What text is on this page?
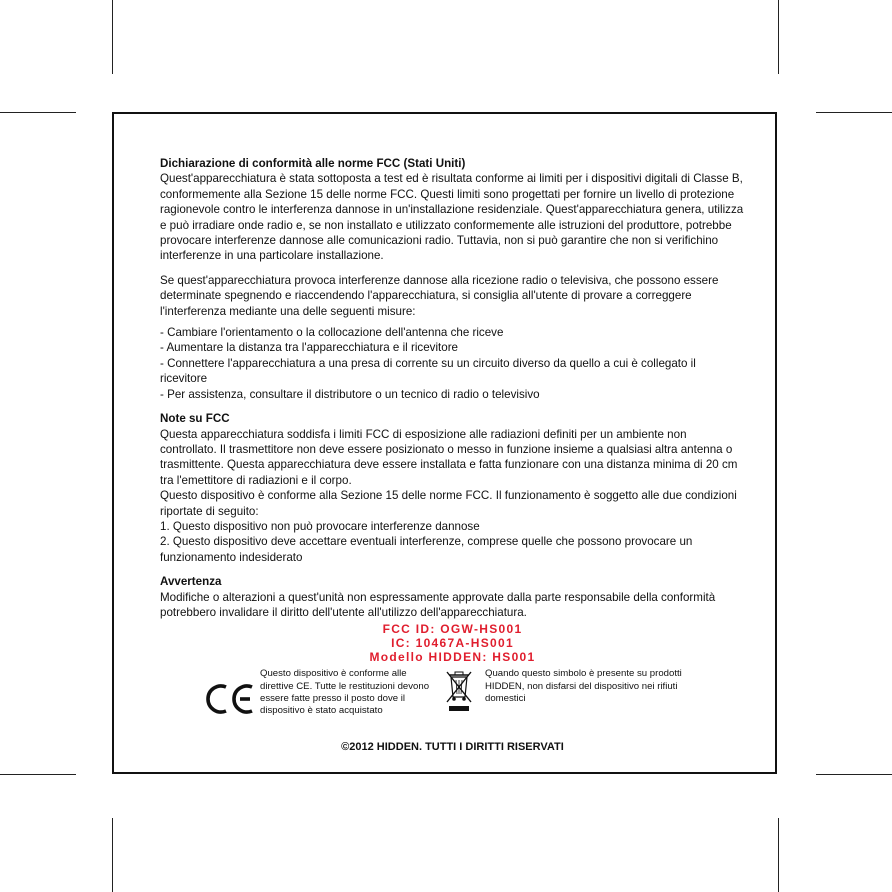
Dichiarazione di conformità alle norme FCC (Stati Uniti)

Quest'apparecchiatura è stata sottoposta a test ed è risultata conforme ai limiti per i dispositivi digitali di Classe B, conformemente alla Sezione 15 delle norme FCC. Questi limiti sono progettati per fornire un livello di protezione ragionevole contro le interferenza dannose in un'installazione residenziale. Quest'apparecchiatura genera, utilizza e può irradiare onde radio e, se non installato e utilizzato conformemente alle istruzioni del produttore, potrebbe provocare interferenze dannose alle comunicazioni radio. Tuttavia, non si può garantire che non si verifichino interferenze in una particolare installazione.

Se quest'apparecchiatura provoca interferenze dannose alla ricezione radio o televisiva, che possono essere determinate spegnendo e riaccendendo l'apparecchiatura, si consiglia all'utente di provare a correggere l'interferenza mediante una delle seguenti misure:

- Cambiare l'orientamento o la collocazione dell'antenna che riceve

- Aumentare la distanza tra l'apparecchiatura e il ricevitore

- Connettere l'apparecchiatura a una presa di corrente su un circuito diverso da quello a cui è collegato il ricevitore

- Per assistenza, consultare il distributore o un tecnico di radio o televisivo

Note su FCC

Questa apparecchiatura soddisfa i limiti FCC di esposizione alle radiazioni definiti per un ambiente non controllato. Il trasmettitore non deve essere posizionato o messo in funzione insieme a qualsiasi altra antenna o trasmittente. Questa apparecchiatura deve essere installata e fatta funzionare con una distanza minima di 20 cm tra l'emettitore di radiazioni e il corpo.

Questo dispositivo è conforme alla Sezione 15 delle norme FCC. Il funzionamento è soggetto alle due condizioni riportate di seguito:

1. Questo dispositivo non può provocare interferenze dannose

2. Questo dispositivo deve accettare eventuali interferenze, comprese quelle che possono provocare un funzionamento indesiderato

Avvertenza

Modifiche o alterazioni a quest'unità non espressamente approvate dalla parte responsabile della conformità potrebbero invalidare il diritto dell'utente all'utilizzo dell'apparecchiatura.

FCC ID: OGW-HS001
IC: 10467A-HS001
Modello HIDDEN: HS001
Questo dispositivo è conforme alle direttive CE. Tutte le restituzioni devono essere fatte presso il posto dove il dispositivo è stato acquistato
Quando questo simbolo è presente su prodotti HIDDEN, non disfarsi del dispositivo nei rifiuti domestici
©2012 HIDDEN. TUTTI I DIRITTI RISERVATI
